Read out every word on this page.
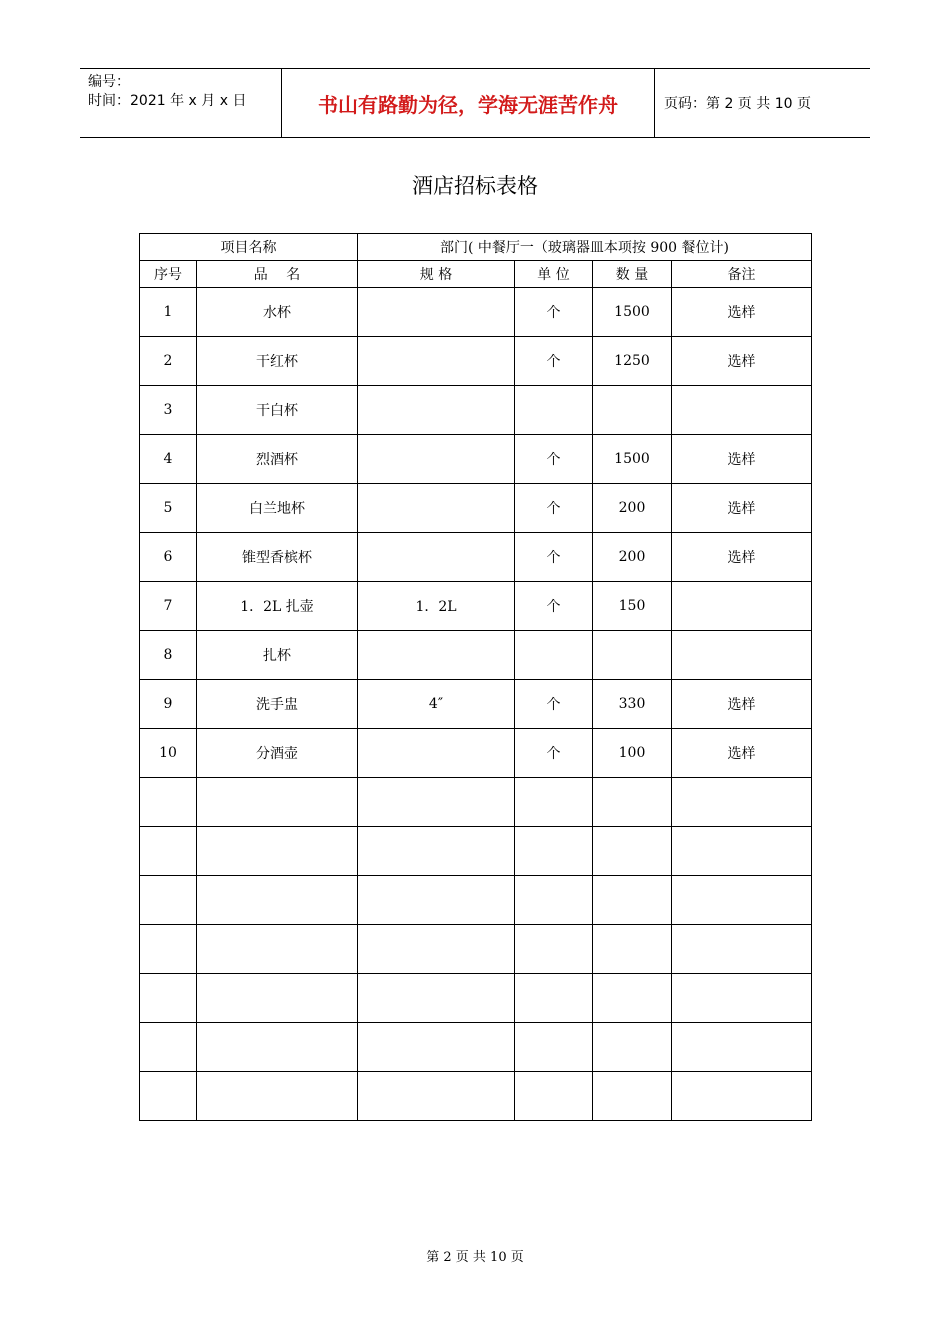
编号：
时间：2021 年 x 月 x 日	书山有路勤为径，学海无涯苦作舟	页码：第 2 页 共 10 页
酒店招标表格
项目名称		部门( 中餐厅一（玻璃器皿本项按 900 餐位计)			
序号	品　 名	规 格	单 位	数 量	备注
1	水杯		个	1500	选样
2	干红杯		个	1250	选样
3	干白杯				
4	烈酒杯		个	1500	选样
5	白兰地杯		个	200	选样
6	锥型香槟杯		个	200	选样
7	1．2L 扎壶	1．2L	个	150	
8	扎杯				
9	洗手盅	4″	个	330	选样
10	分酒壶		个	100	选样

第 2 页 共 10 页
